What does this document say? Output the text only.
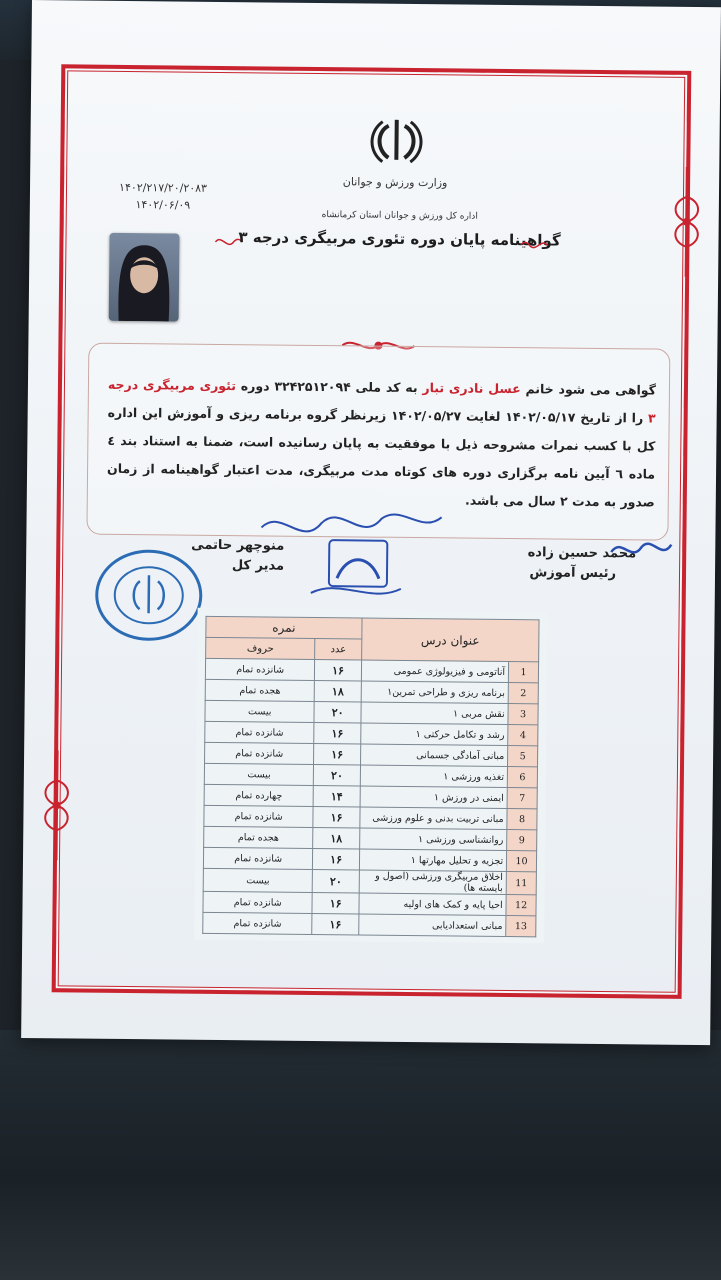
وزارت ورزش و جوانان
۱۴۰۲/۲۱۷/۲۰/۲۰۸۳
۱۴۰۲/۰۶/۰۹
اداره کل ورزش و جوانان استان کرمانشاه
گواهینامه پایان دوره تئوری مربیگری درجه ۳
گواهی می شود خانم عسل نادری تبار به کد ملی ۳۲۴۲۵۱۲۰۹۴ دوره تئوری مربیگری درجه ۳ را از تاریخ ۱۴۰۲/۰۵/۱۷ لغایت ۱۴۰۲/۰۵/۲۷ زیرنظر گروه برنامه ریزی و آموزش این اداره کل با کسب نمرات مشروحه ذیل با موفقیت به پایان رسانیده است، ضمنا به استناد بند ٤ ماده ٦ آیین نامه برگزاری دوره های کوتاه مدت مربیگری، مدت اعتبار گواهینامه از زمان صدور به مدت ۲ سال می باشد.
محمد حسین زاده
رئیس آموزش
منوچهر حاتمی
مدیر کل
عنوان درس		نمره	
		عدد	حروف
1	آناتومی و فیزیولوژی عمومی	۱۶	شانزده تمام
2	برنامه ریزی و طراحی تمرین۱	۱۸	هجده تمام
3	نقش مربی ۱	۲۰	بیست
4	رشد و تکامل حرکتی ۱	۱۶	شانزده تمام
5	مبانی آمادگی جسمانی	۱۶	شانزده تمام
6	تغذیه ورزشی ۱	۲۰	بیست
7	ایمنی در ورزش ۱	۱۴	چهارده تمام
8	مبانی تربیت بدنی و علوم ورزشی	۱۶	شانزده تمام
9	روانشناسی ورزشی ۱	۱۸	هجده تمام
10	تجزیه و تحلیل مهارتها ۱	۱۶	شانزده تمام
11	اخلاق مربیگری ورزشی (اصول و بایسته ها)	۲۰	بیست
12	احیا پایه و کمک های اولیه	۱۶	شانزده تمام
13	مبانی استعدادیابی	۱۶	شانزده تمام
